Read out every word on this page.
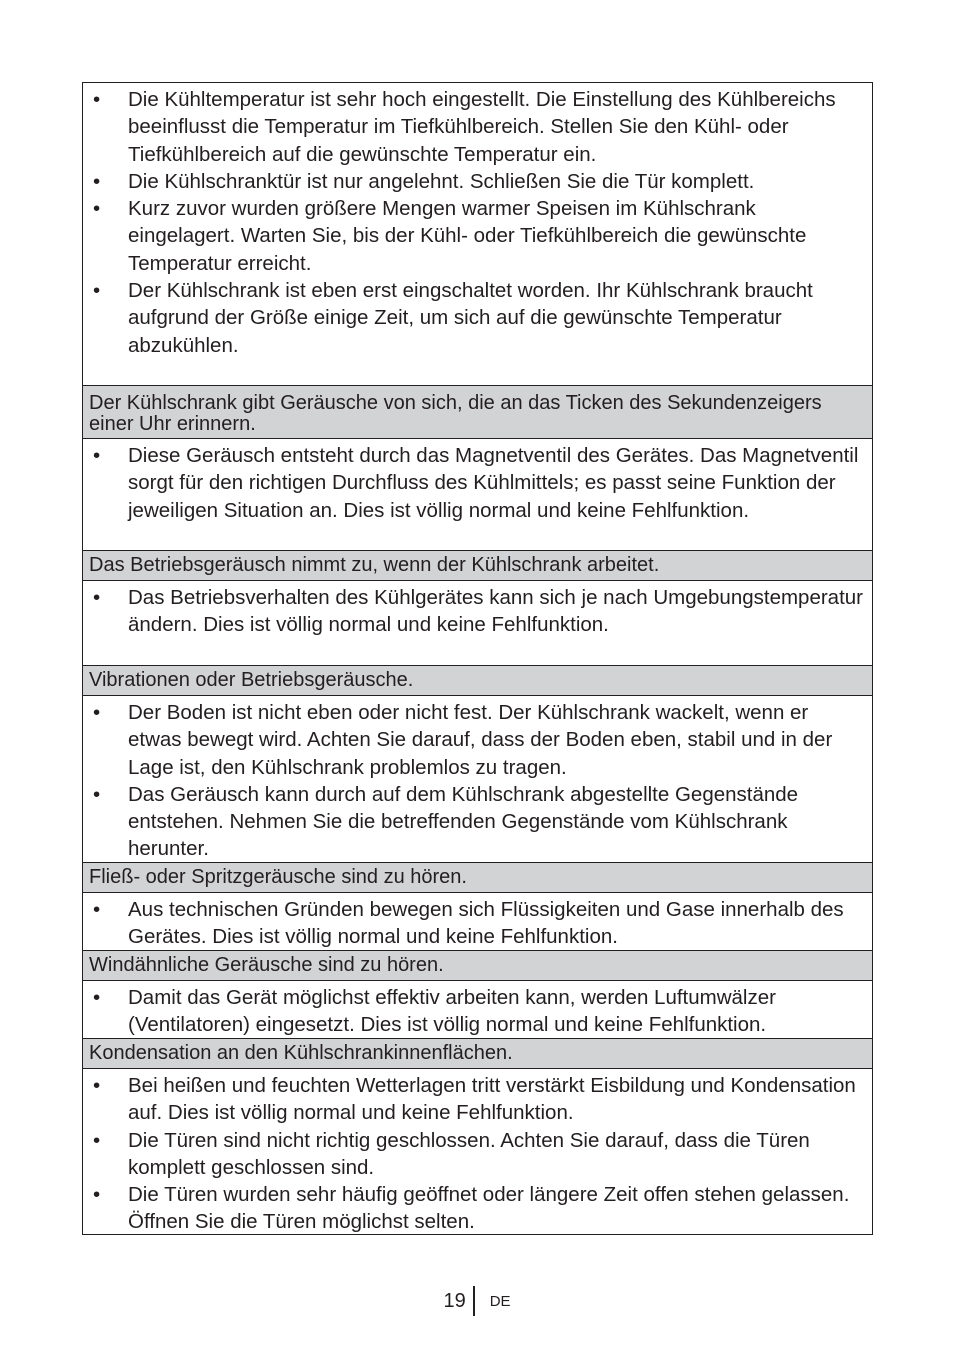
•	Die Kühltemperatur ist sehr hoch eingestellt. Die Einstellung des Kühlbereichs beeinflusst die Temperatur im Tiefkühlbereich. Stellen Sie den Kühl- oder Tiefkühlbereich auf die gewünschte Temperatur ein.
•	Die Kühlschranktür ist nur angelehnt. Schließen Sie die Tür komplett.
•	Kurz zuvor wurden größere Mengen warmer Speisen im Kühlschrank eingelagert. Warten Sie, bis der Kühl- oder Tiefkühlbereich die gewünschte Temperatur erreicht.
•	Der Kühlschrank ist eben erst eingschaltet worden. Ihr Kühlschrank braucht aufgrund der Größe einige Zeit, um sich auf die gewünschte Temperatur abzukühlen.
Der Kühlschrank gibt Geräusche von sich, die an das Ticken des Sekundenzeigers einer Uhr erinnern.
•	Diese Geräusch entsteht durch das Magnetventil des Gerätes. Das Magnetventil sorgt für den richtigen Durchfluss des Kühlmittels; es passt seine Funktion der jeweiligen Situation an. Dies ist völlig normal und keine Fehlfunktion.
Das Betriebsgeräusch nimmt zu, wenn der Kühlschrank arbeitet.
•	Das Betriebsverhalten des Kühlgerätes kann sich je nach Umgebungstemperatur ändern. Dies ist völlig normal und keine Fehlfunktion.
Vibrationen oder Betriebsgeräusche.
•	Der Boden ist nicht eben oder nicht fest. Der Kühlschrank wackelt, wenn er etwas bewegt wird. Achten Sie darauf, dass der Boden eben, stabil und in der Lage ist, den Kühlschrank problemlos zu tragen.
•	Das Geräusch kann durch auf dem Kühlschrank abgestellte Gegenstände entstehen. Nehmen Sie die betreffenden Gegenstände vom Kühlschrank herunter.
Fließ- oder Spritzgeräusche sind zu hören.
•	Aus technischen Gründen bewegen sich Flüssigkeiten und Gase innerhalb des Gerätes. Dies ist völlig normal und keine Fehlfunktion.
Windähnliche Geräusche sind zu hören.
•	Damit das Gerät möglichst effektiv arbeiten kann, werden Luftumwälzer (Ventilatoren) eingesetzt. Dies ist völlig normal und keine Fehlfunktion.
Kondensation an den Kühlschrankinnenflächen.
•	Bei heißen und feuchten Wetterlagen tritt verstärkt Eisbildung und Kondensation auf. Dies ist völlig normal und keine Fehlfunktion.
•	Die Türen sind nicht richtig geschlossen. Achten Sie darauf, dass die Türen komplett geschlossen sind.
•	Die Türen wurden sehr häufig geöffnet oder längere Zeit offen stehen gelassen. Öffnen Sie die Türen möglichst selten.
19 DE
